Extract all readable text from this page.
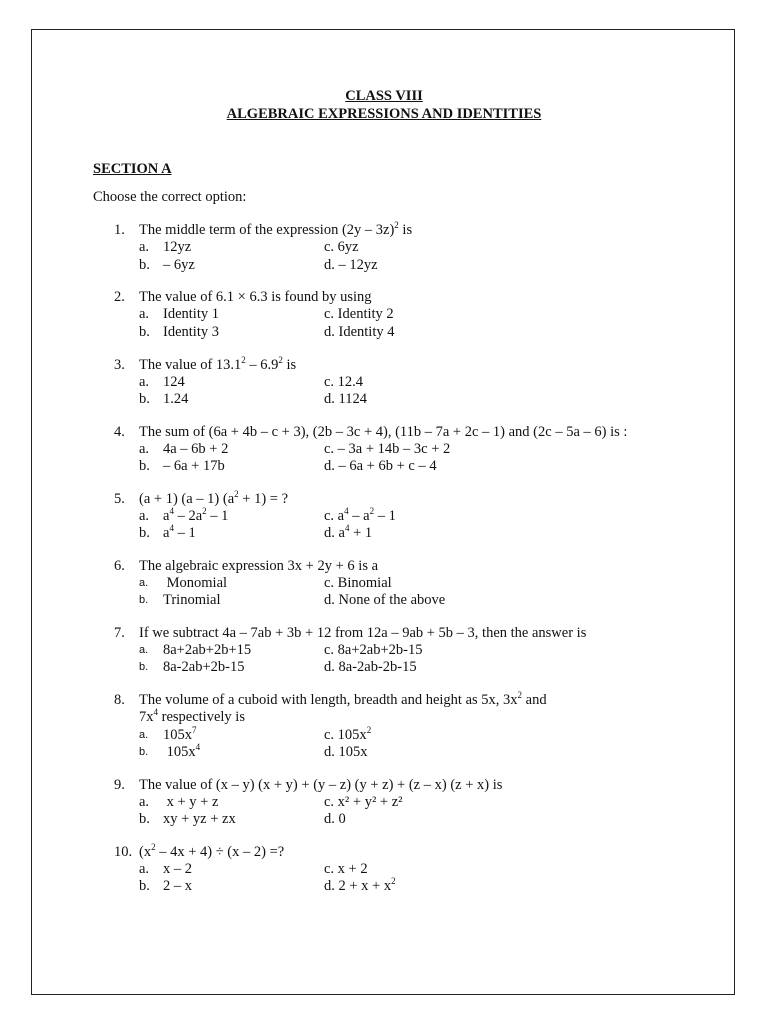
CLASS VIII
ALGEBRAIC EXPRESSIONS AND IDENTITIES
SECTION A
Choose the correct option:
1. The middle term of the expression (2y – 3z)$^2$ is
a. 12yz	c. 6yz
b. – 6yz	d. – 12yz
2. The value of 6.1 × 6.3 is found by using
a. Identity 1	c. Identity 2
b. Identity 3	d. Identity 4
3. The value of $13.1^2 - 6.9^2$ is
a. 124	c. 12.4
b. 1.24	d. 1124
4. The sum of (6a + 4b – c + 3), (2b – 3c + 4), (11b – 7a + 2c – 1) and (2c – 5a – 6) is :
a. 4a – 6b + 2	c. – 3a + 14b – 3c + 2
b. – 6a + 17b	d. – 6a + 6b + c – 4
5. (a + 1) (a – 1) $(a^2 + 1)$ = ?
a. $a^4 - 2a^2 - 1$	c. $a^4 - a^2 - 1$
b. $a^4 - 1$	d. $a^4 + 1$
6. The algebraic expression 3x + 2y + 6 is a
a. Monomial	c. Binomial
b. Trinomial	d. None of the above
7. If we subtract 4a – 7ab + 3b + 12 from 12a – 9ab + 5b – 3, then the answer is
a. 8a+2ab+2b+15	c. 8a+2ab+2b-15
b. 8a-2ab+2b-15	d. 8a-2ab-2b-15
8. The volume of a cuboid with length, breadth and height as 5x, $3x^2$ and
$7x^4$ respectively is
a. $105x^7$	c. $105x^2$
b. $105x^4$	d. 105x
9. The value of (x – y) (x + y) + (y – z) (y + z) + (z – x) (z + x) is
a. x + y + z	c. x² + y² + z²
b. xy + yz + zx	d. 0
10. $(x^2 - 4x + 4) \div (x - 2)$ =?
a. x – 2	c. x + 2
b. 2 – x	d. $2 + x + x^2$
